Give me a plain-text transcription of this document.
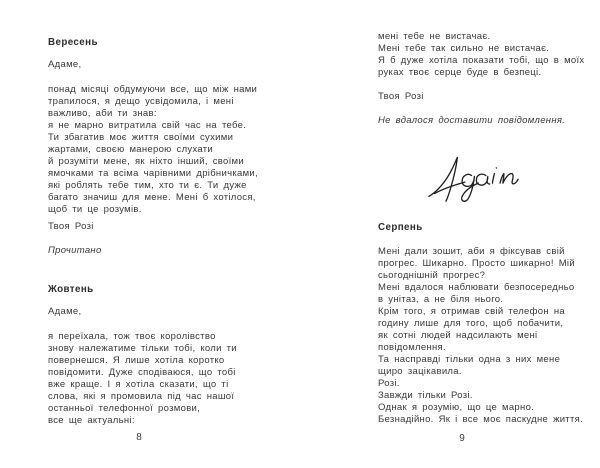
Вересень
Адаме,
понад місяці обдумуючи все, що між нами
трапилося, я дещо усвідомила, і мені
важливо, аби ти знав:
я не марно витратила свій час на тебе.
Ти збагатив моє життя своїми сухими
жартами, своєю манерою слухати
й розуміти мене, як ніхто інший, своїми
ямочками та всіма чарівними дрібничками,
які роблять тебе тим, хто ти є. Ти дуже
багато значиш для мене. Мені б хотілося,
щоб ти це розумів.
Твоя Розі
Прочитано
Жовтень
Адаме,
я переїхала, тож твоє королівство
знову належатиме тільки тобі, коли ти
повернешся. Я лише хотіла коротко
повідомити. Дуже сподіваюся, що тобі
вже краще. І я хотіла сказати, що ті
слова, які я промовила під час нашої
останньої телефонної розмови,
все ще актуальні:
8
мені тебе не вистачає.
Мені тебе так сильно не вистачає.
Я б дуже хотіла показати тобі, що в моїх
руках твоє серце буде в безпеці.
Твоя Розі
Не вдалося доставити повідомлення.
Серпень
Мені дали зошит, аби я фіксував свій
прогрес. Шикарно. Просто шикарно! Мій
сьогоднішній прогрес?
Мені вдалося наблювати безпосередньо
в унітаз, а не біля нього.
Крім того, я отримав свій телефон на
годину лише для того, щоб побачити,
як сотні людей надсилають мені
повідомлення.
Та насправді тільки одна з них мене
щиро зацікавила.
Розі.
Завжди тільки Розі.
Однак я розумію, що це марно.
Безнадійно. Як і все моє паскудне життя.
9
